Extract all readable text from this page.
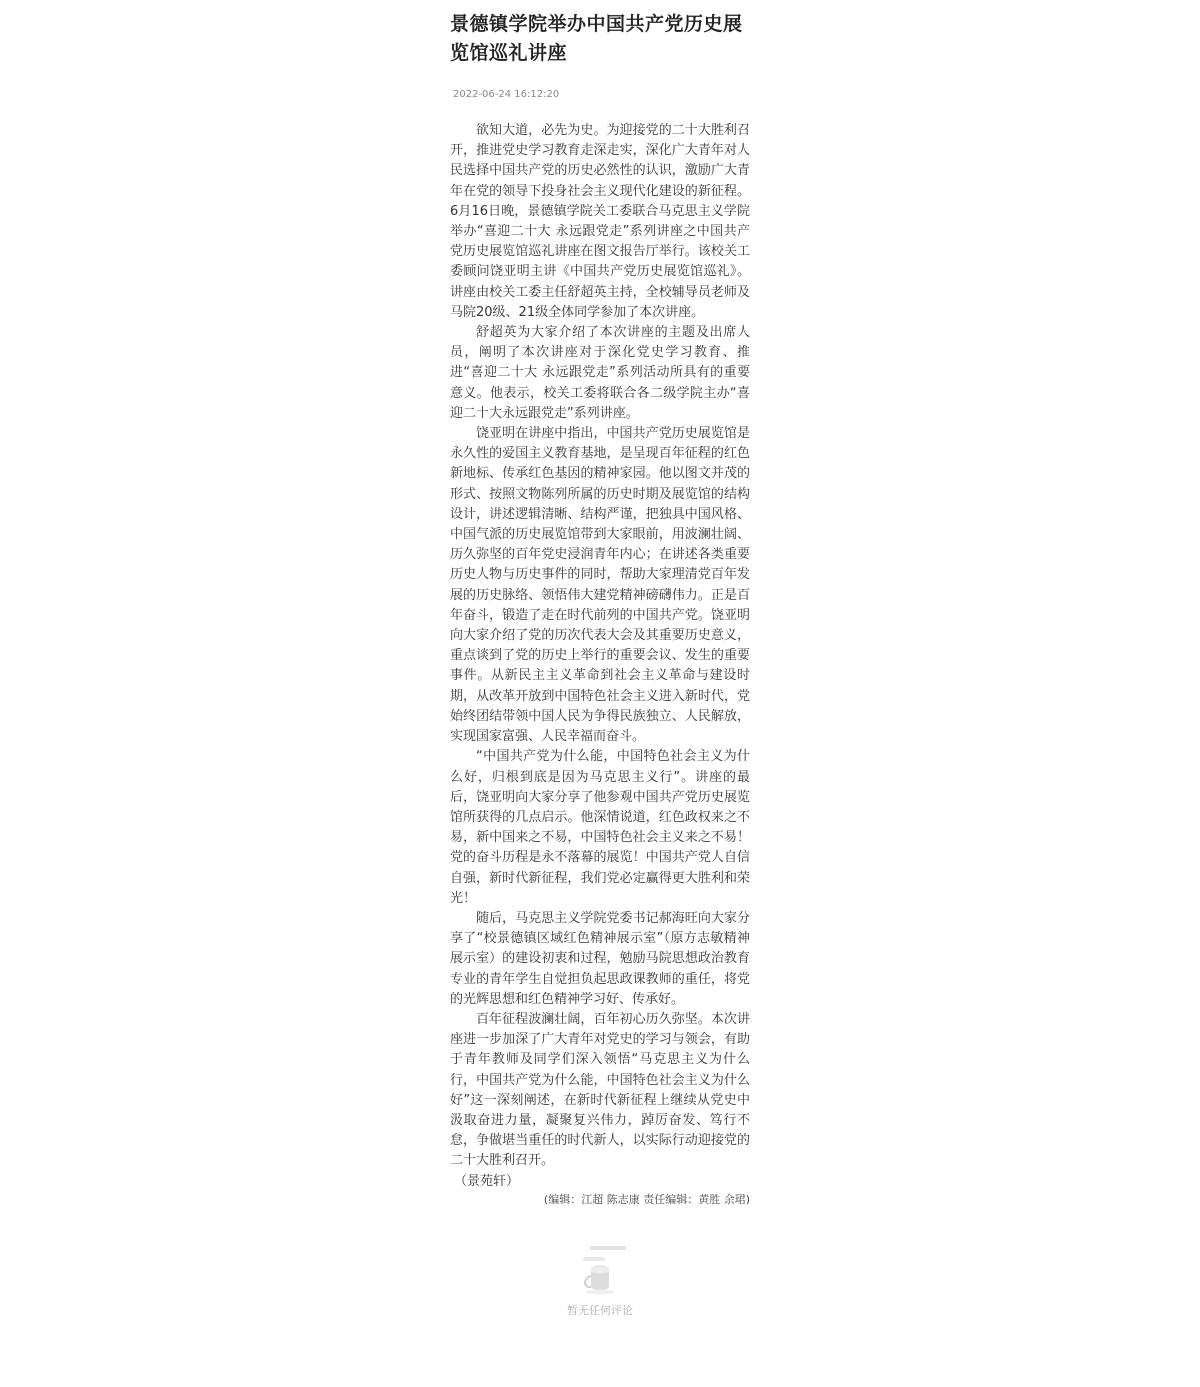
景德镇学院举办中国共产党历史展览馆巡礼讲座
2022-06-24 16:12:20

欲知大道，必先为史。为迎接党的二十大胜利召开，推进党史学习教育走深走实，深化广大青年对人民选择中国共产党的历史必然性的认识，激励广大青年在党的领导下投身社会主义现代化建设的新征程。6月16日晚，景德镇学院关工委联合马克思主义学院举办“喜迎二十大 永远跟党走”系列讲座之中国共产党历史展览馆巡礼讲座在图文报告厅举行。该校关工委顾问饶亚明主讲《中国共产党历史展览馆巡礼》。讲座由校关工委主任舒超英主持，全校辅导员老师及马院20级、21级全体同学参加了本次讲座。

舒超英为大家介绍了本次讲座的主题及出席人员，阐明了本次讲座对于深化党史学习教育、推进“喜迎二十大 永远跟党走”系列活动所具有的重要意义。他表示，校关工委将联合各二级学院主办“喜迎二十大永远跟党走”系列讲座。

饶亚明在讲座中指出，中国共产党历史展览馆是永久性的爱国主义教育基地，是呈现百年征程的红色新地标、传承红色基因的精神家园。他以图文并茂的形式、按照文物陈列所属的历史时期及展览馆的结构设计，讲述逻辑清晰、结构严谨，把独具中国风格、中国气派的历史展览馆带到大家眼前，用波澜壮阔、历久弥坚的百年党史浸润青年内心；在讲述各类重要历史人物与历史事件的同时，帮助大家理清党百年发展的历史脉络、领悟伟大建党精神磅礴伟力。正是百年奋斗，锻造了走在时代前列的中国共产党。饶亚明向大家介绍了党的历次代表大会及其重要历史意义，重点谈到了党的历史上举行的重要会议、发生的重要事件。从新民主主义革命到社会主义革命与建设时期，从改革开放到中国特色社会主义进入新时代，党始终团结带领中国人民为争得民族独立、人民解放，实现国家富强、人民幸福而奋斗。

“中国共产党为什么能，中国特色社会主义为什么好，归根到底是因为马克思主义行”。讲座的最后，饶亚明向大家分享了他参观中国共产党历史展览馆所获得的几点启示。他深情说道，红色政权来之不易，新中国来之不易，中国特色社会主义来之不易！党的奋斗历程是永不落幕的展览！中国共产党人自信自强，新时代新征程，我们党必定赢得更大胜利和荣光！

随后，马克思主义学院党委书记郝海旺向大家分享了“校景德镇区域红色精神展示室”（原方志敏精神展示室）的建设初衷和过程，勉励马院思想政治教育专业的青年学生自觉担负起思政课教师的重任，将党的光辉思想和红色精神学习好、传承好。

百年征程波澜壮阔，百年初心历久弥坚。本次讲座进一步加深了广大青年对党史的学习与领会，有助于青年教师及同学们深入领悟“马克思主义为什么行，中国共产党为什么能，中国特色社会主义为什么好”这一深刻阐述，在新时代新征程上继续从党史中汲取奋进力量，凝聚复兴伟力，踔厉奋发、笃行不怠，争做堪当重任的时代新人，以实际行动迎接党的二十大胜利召开。

（景苑轩）
(编辑：江超 陈志康 责任编辑：黄胜 余珺)
暂无任何评论
